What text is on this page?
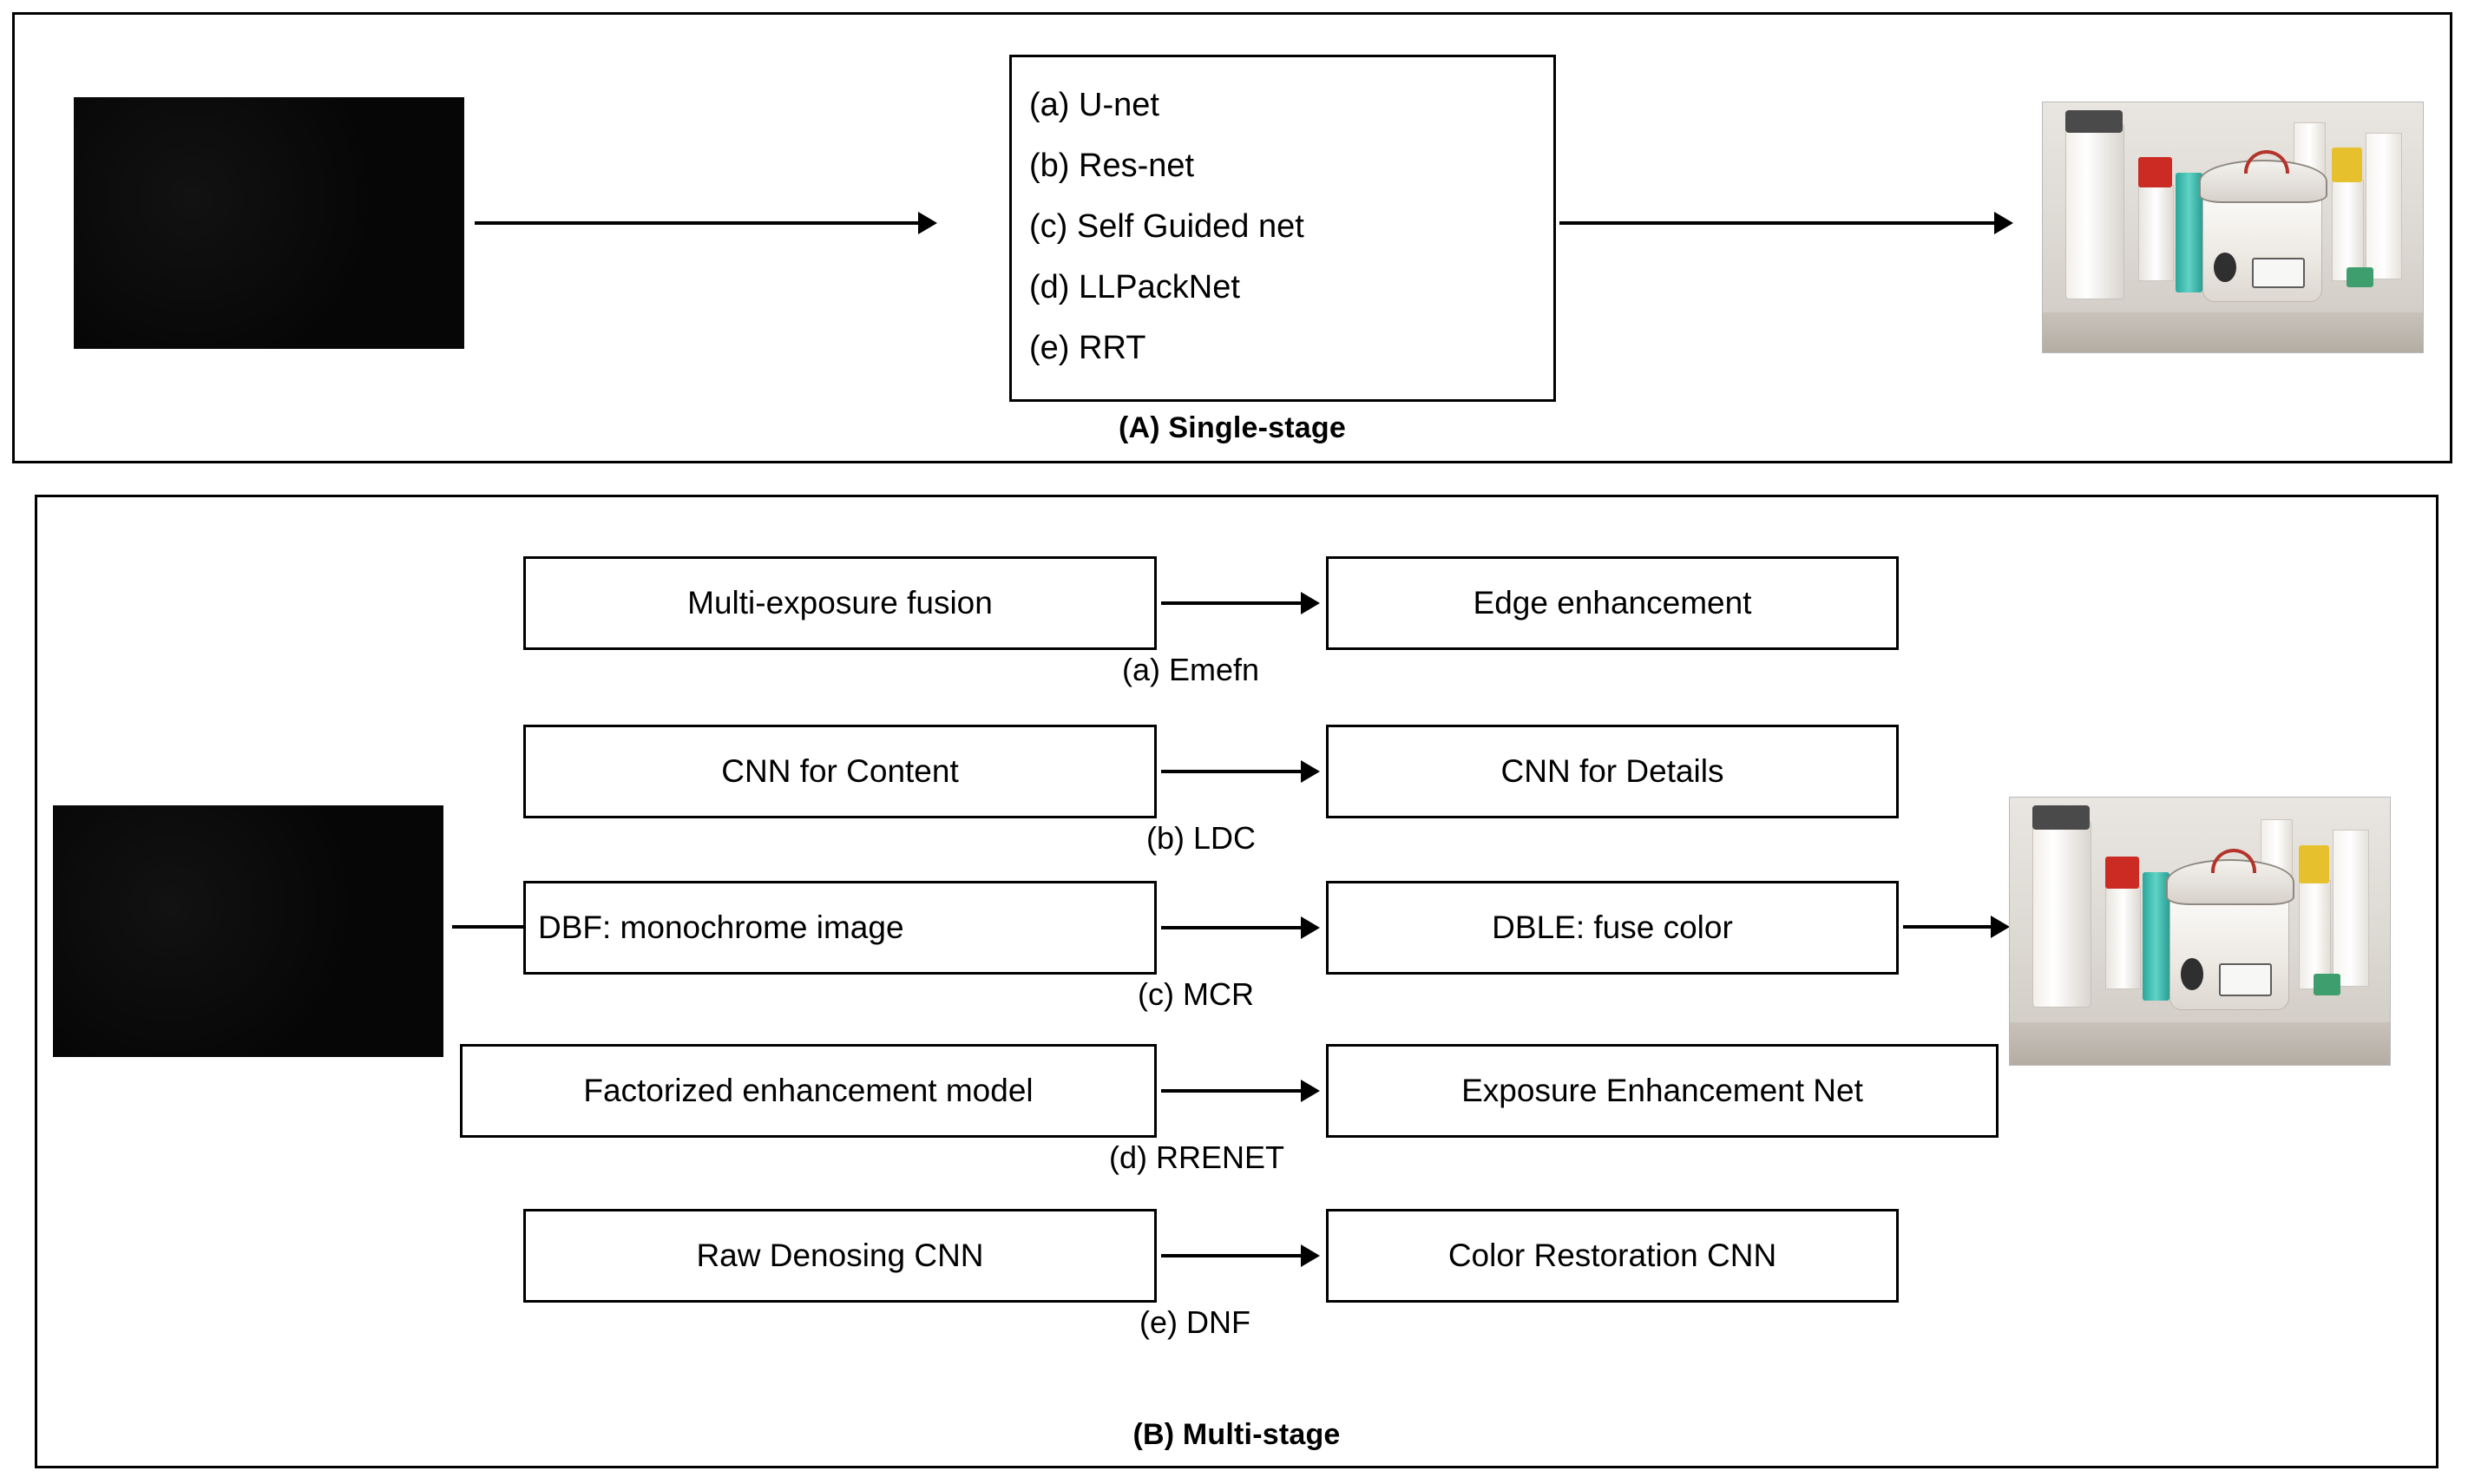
(a) U-net
(b) Res-net
(c) Self Guided net
(d) LLPackNet
(e) RRT
(A) Single-stage
Multi-exposure fusion	Edge enhancement
(a) Emefn
CNN for Content	CNN for Details
(b) LDC
DBF: monochrome image	DBLE: fuse color
(c) MCR
Factorized enhancement model	Exposure Enhancement Net
(d) RRENET
Raw Denosing CNN	Color Restoration CNN
(e) DNF
(B) Multi-stage
